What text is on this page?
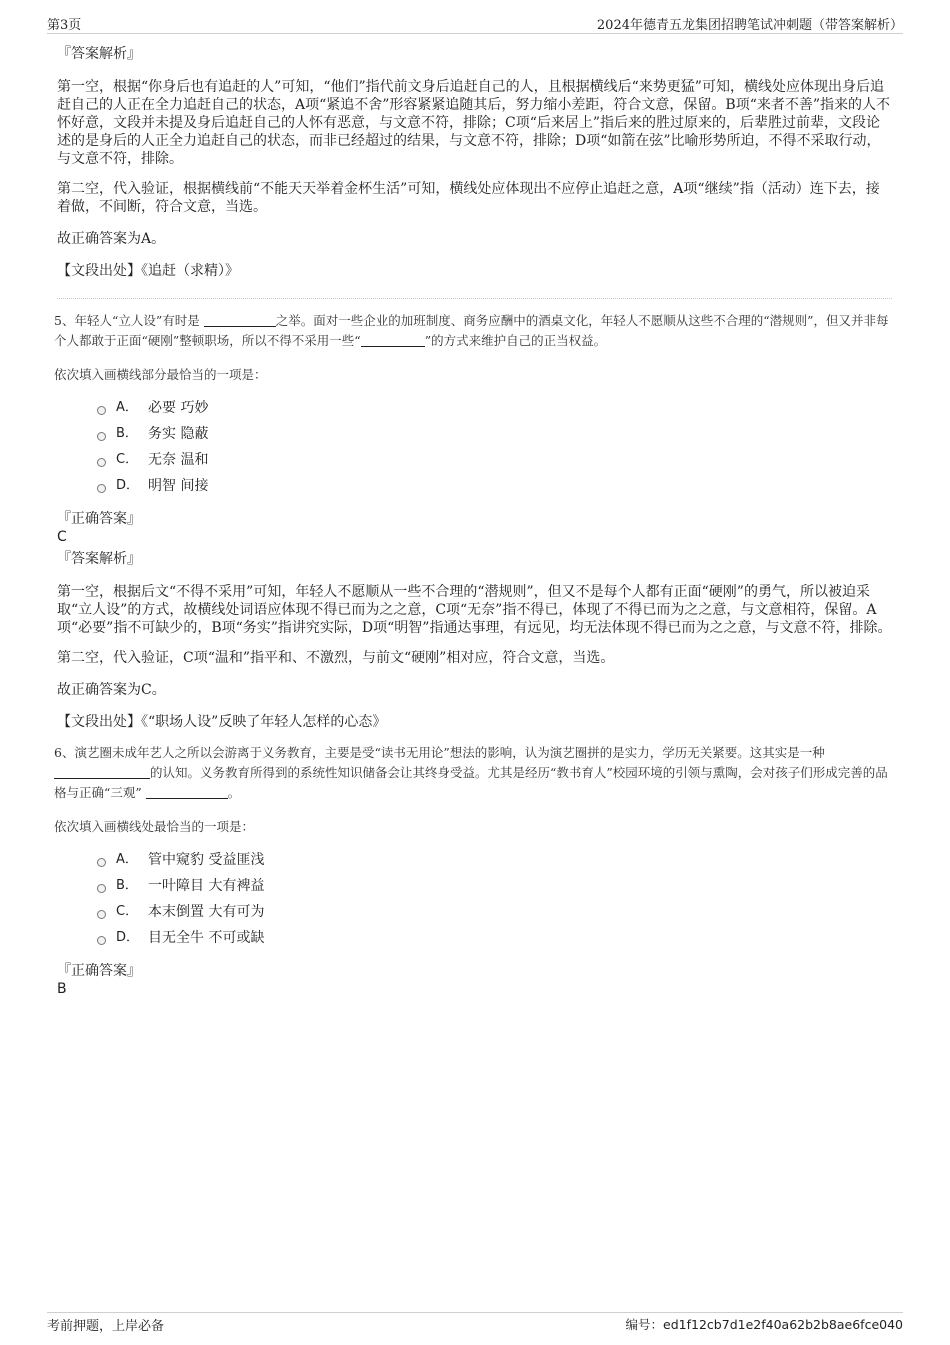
第3页	2024年德青五龙集团招聘笔试冲刺题（带答案解析）
『答案解析』

第一空，根据“你身后也有追赶的人”可知，“他们”指代前文身后追赶自己的人，且根据横线后“来势更猛”可知，横线处应体现出身后追赶自己的人正在全力追赶自己的状态，A项“紧追不舍”形容紧紧追随其后，努力缩小差距，符合文意，保留。B项“来者不善”指来的人不怀好意，文段并未提及身后追赶自己的人怀有恶意，与文意不符，排除；C项“后来居上”指后来的胜过原来的，后辈胜过前辈，文段论述的是身后的人正全力追赶自己的状态，而非已经超过的结果，与文意不符，排除；D项“如箭在弦”比喻形势所迫，不得不采取行动，与文意不符，排除。

第二空，代入验证，根据横线前“不能天天举着金杯生活”可知，横线处应体现出不应停止追赶之意，A项“继续”指（活动）连下去，接着做，不间断，符合文意，当选。

故正确答案为A。

【文段出处】《追赶（求精）》

5、年轻人“立人设”有时是	之举。面对一些企业的加班制度、商务应酬中的酒桌文化，年轻人不愿顺从这些不合理的“潜规则”，但又并非每个人都敢于正面“硬刚”整顿职场，所以不得不采用一些“	”的方式来维护自己的正当权益。

依次填入画横线部分最恰当的一项是：

A． 必要 巧妙
B． 务实 隐蔽
C． 无奈 温和
D． 明智 间接
『正确答案』
C
『答案解析』

第一空，根据后文“不得不采用”可知，年轻人不愿顺从一些不合理的“潜规则”，但又不是每个人都有正面“硬刚”的勇气，所以被迫采取“立人设”的方式，故横线处词语应体现不得已而为之之意，C项“无奈”指不得已，体现了不得已而为之之意，与文意相符，保留。A项“必要”指不可缺少的，B项“务实”指讲究实际，D项“明智”指通达事理，有远见，均无法体现不得已而为之之意，与文意不符，排除。

第二空，代入验证，C项“温和”指平和、不激烈，与前文“硬刚”相对应，符合文意，当选。

故正确答案为C。

【文段出处】《“职场人设”反映了年轻人怎样的心态》

6、演艺圈未成年艺人之所以会游离于义务教育，主要是受“读书无用论”想法的影响，认为演艺圈拼的是实力，学历无关紧要。这其实是一种的认知。义务教育所得到的系统性知识储备会让其终身受益。尤其是经历“教书育人”校园环境的引领与熏陶，会对孩子们形成完善的品格与正确“三观”	。

依次填入画横线处最恰当的一项是：

A． 管中窥豹 受益匪浅
B． 一叶障目 大有裨益
C． 本末倒置 大有可为
D． 目无全牛 不可或缺
『正确答案』
B
考前押题，上岸必备	编号：ed1f12cb7d1e2f40a62b2b8ae6fce040
